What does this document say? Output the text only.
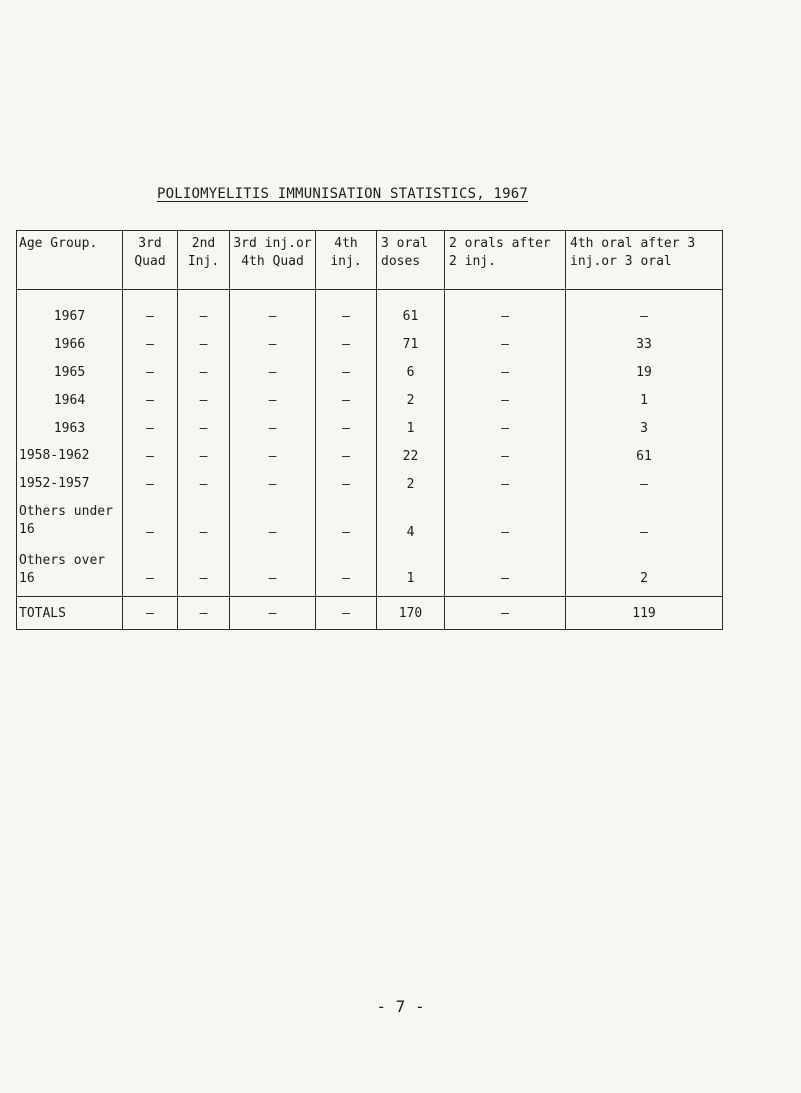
POLIOMYELITIS IMMUNISATION STATISTICS, 1967
Age Group.	3rd Quad	2nd Inj.	3rd inj.or 4th Quad	4th inj.	3 oral doses	2 orals after 2 inj.	4th oral after 3 inj.or 3 oral
1967	–	–	–	–	61	–	–
1966	–	–	–	–	71	–	33
1965	–	–	–	–	6	–	19
1964	–	–	–	–	2	–	1
1963	–	–	–	–	1	–	3
1958-1962	–	–	–	–	22	–	61
1952-1957	–	–	–	–	2	–	–
Others under 16	–	–	–	–	4	–	–
Others over 16	–	–	–	–	1	–	2
TOTALS	–	–	–	–	170	–	119
- 7 -
